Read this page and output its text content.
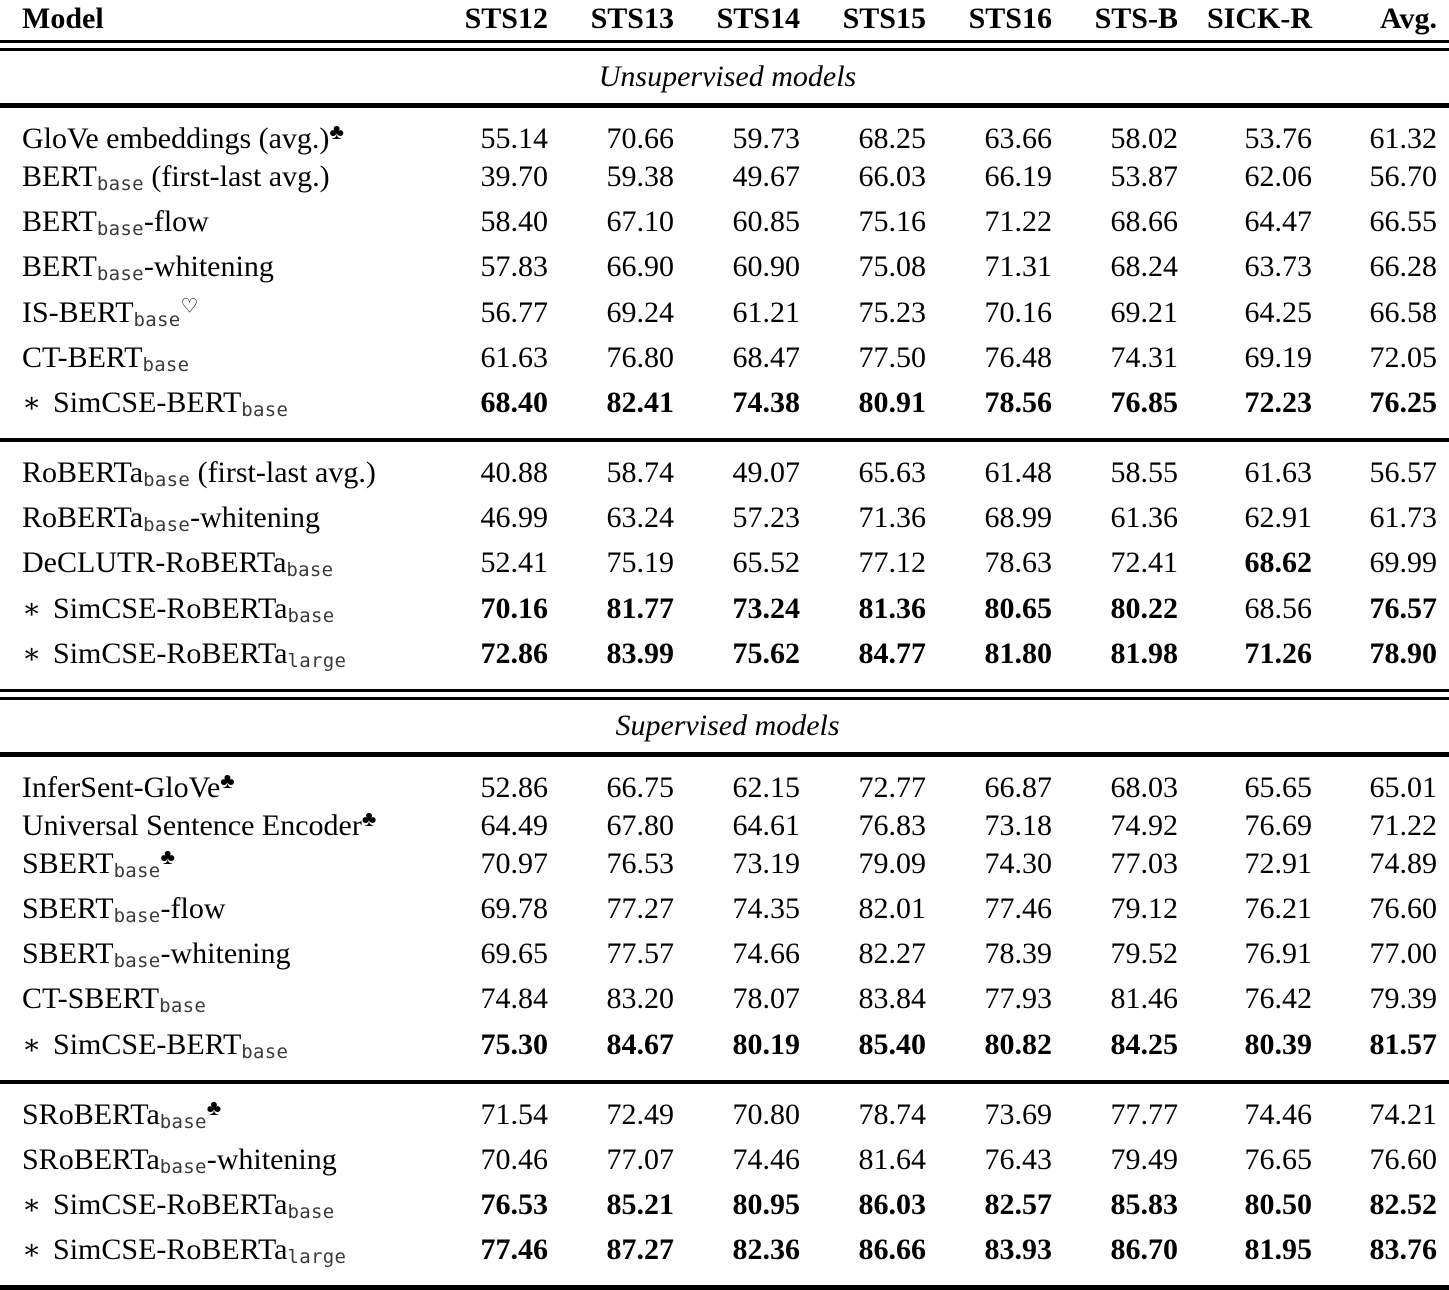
Model	STS12	STS13	STS14	STS15	STS16	STS-B	SICK-R	Avg.

Unsupervised models								

GloVe embeddings (avg.)♣	55.14	70.66	59.73	68.25	63.66	58.02	53.76	61.32
$BERT_{base}$ (first-last avg.)	39.70	59.38	49.67	66.03	66.19	53.87	62.06	56.70
$BERT_{base}$-flow	58.40	67.10	60.85	75.16	71.22	68.66	64.47	66.55
$BERT_{base}$-whitening	57.83	66.90	60.90	75.08	71.31	68.24	63.73	66.28
$IS-BERT_{base}^♡$	56.77	69.24	61.21	75.23	70.16	69.21	64.25	66.58
$CT-BERT_{base}$	61.63	76.80	68.47	77.50	76.48	74.31	69.19	72.05
∗ SimCSE-$BERT_{base}$	68.40	82.41	74.38	80.91	78.56	76.85	72.23	76.25

RoBERTa$_{base}$ (first-last avg.)	40.88	58.74	49.07	65.63	61.48	58.55	61.63	56.57
RoBERTa$_{base}$-whitening	46.99	63.24	57.23	71.36	68.99	61.36	62.91	61.73
DeCLUTR-RoBERTa$_{base}$	52.41	75.19	65.52	77.12	78.63	72.41	68.62	69.99
∗ SimCSE-RoBERTa$_{base}$	70.16	81.77	73.24	81.36	80.65	80.22	68.56	76.57
∗ SimCSE-RoBERTa$_{large}$	72.86	83.99	75.62	84.77	81.80	81.98	71.26	78.90

Supervised models								

InferSent-GloVe♣	52.86	66.75	62.15	72.77	66.87	68.03	65.65	65.01
Universal Sentence Encoder♣	64.49	67.80	64.61	76.83	73.18	74.92	76.69	71.22
$SBERT_{base}^♣$	70.97	76.53	73.19	79.09	74.30	77.03	72.91	74.89
$SBERT_{base}$-flow	69.78	77.27	74.35	82.01	77.46	79.12	76.21	76.60
$SBERT_{base}$-whitening	69.65	77.57	74.66	82.27	78.39	79.52	76.91	77.00
$CT-SBERT_{base}$	74.84	83.20	78.07	83.84	77.93	81.46	76.42	79.39
∗ SimCSE-$BERT_{base}$	75.30	84.67	80.19	85.40	80.82	84.25	80.39	81.57

SRoBERTa$_{base}$♣	71.54	72.49	70.80	78.74	73.69	77.77	74.46	74.21
SRoBERTa$_{base}$-whitening	70.46	77.07	74.46	81.64	76.43	79.49	76.65	76.60
∗ SimCSE-RoBERTa$_{base}$	76.53	85.21	80.95	86.03	82.57	85.83	80.50	82.52
∗ SimCSE-RoBERTa$_{large}$	77.46	87.27	82.36	86.66	83.93	86.70	81.95	83.76
